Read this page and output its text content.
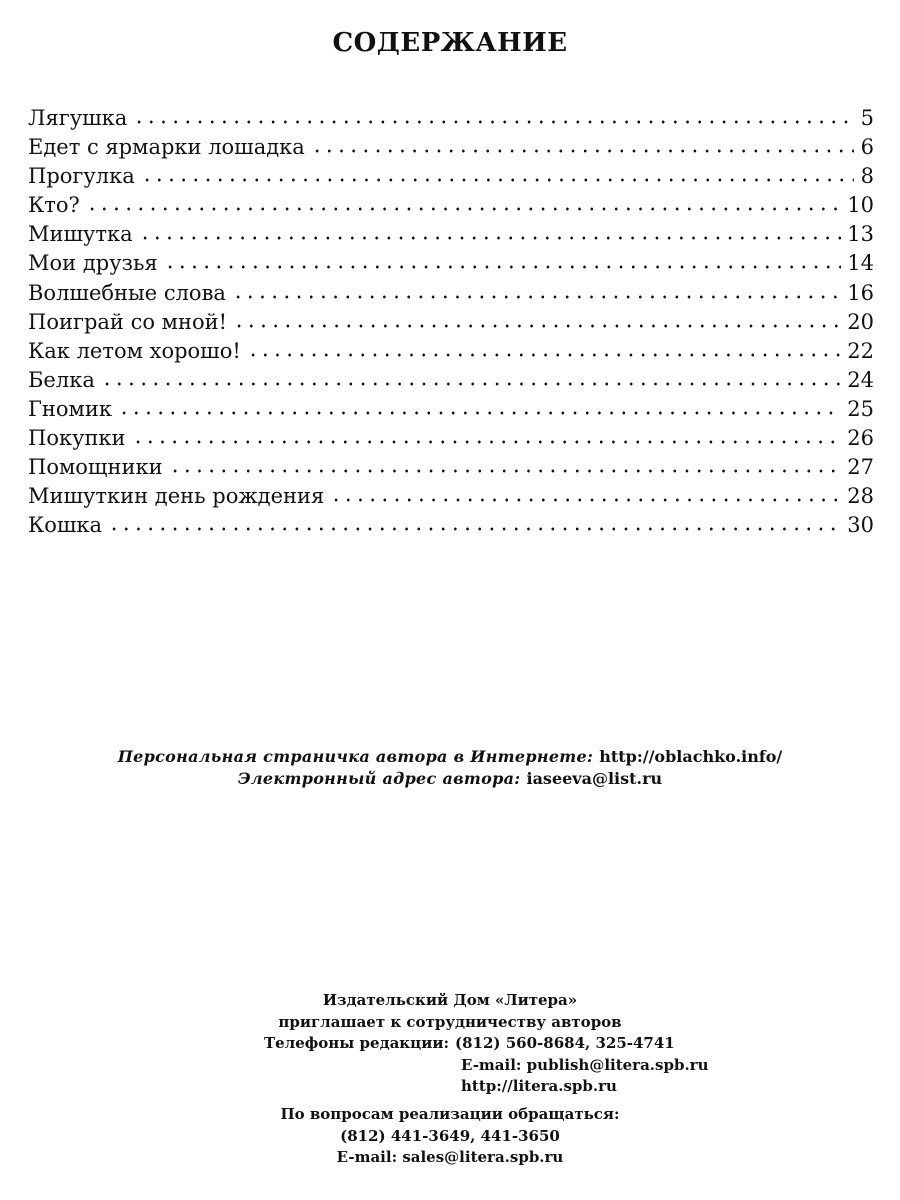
СОДЕРЖАНИЕ
Лягушка	5
Едет с ярмарки лошадка	6
Прогулка	8
Кто?	10
Мишутка	13
Мои друзья	14
Волшебные слова	16
Поиграй со мной!	20
Как летом хорошо!	22
Белка	24
Гномик	25
Покупки	26
Помощники	27
Мишуткин день рождения	28
Кошка	30
Персональная страничка автора в Интернете: http://oblachko.info/
Электронный адрес автора: iaseeva@list.ru
Издательский Дом «Литера»
приглашает к сотрудничеству авторов
Телефоны редакции: (812) 560-8684, 325-4741
E-mail: publish@litera.spb.ru
http://litera.spb.ru
По вопросам реализации обращаться:
(812) 441-3649, 441-3650
E-mail: sales@litera.spb.ru
